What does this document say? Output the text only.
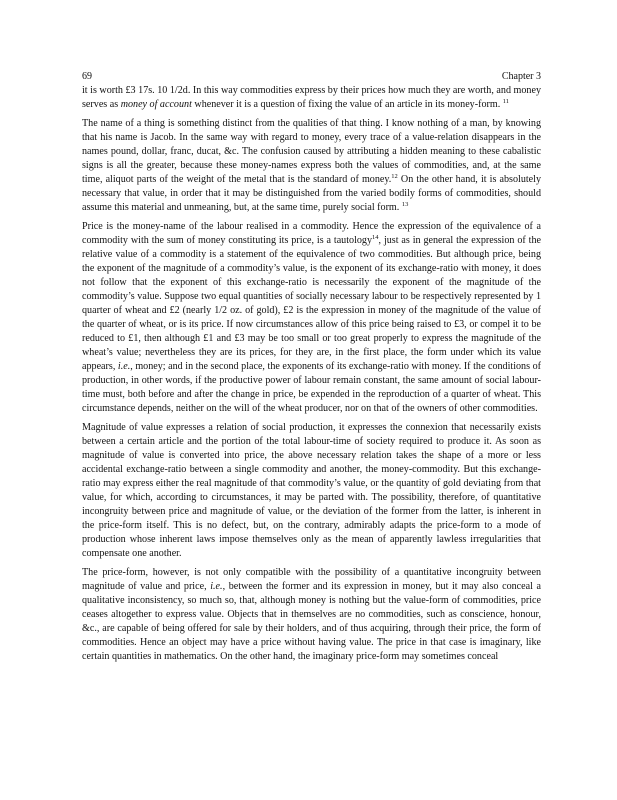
69	Chapter 3

it is worth £3 17s. 10 1/2d. In this way commodities express by their prices how much they are worth, and money serves as money of account whenever it is a question of fixing the value of an article in its money-form. $^{11}$

The name of a thing is something distinct from the qualities of that thing. I know nothing of a man, by knowing that his name is Jacob. In the same way with regard to money, every trace of a value-relation disappears in the names pound, dollar, franc, ducat, &c. The confusion caused by attributing a hidden meaning to these cabalistic signs is all the greater, because these money-names express both the values of commodities, and, at the same time, aliquot parts of the weight of the metal that is the standard of money.$^{12}$ On the other hand, it is absolutely necessary that value, in order that it may be distinguished from the varied bodily forms of commodities, should assume this material and unmeaning, but, at the same time, purely social form. $^{13}$

Price is the money-name of the labour realised in a commodity. Hence the expression of the equivalence of a commodity with the sum of money constituting its price, is a tautology$^{14}$, just as in general the expression of the relative value of a commodity is a statement of the equivalence of two commodities. But although price, being the exponent of the magnitude of a commodity’s value, is the exponent of its exchange-ratio with money, it does not follow that the exponent of this exchange-ratio is necessarily the exponent of the magnitude of the commodity’s value. Suppose two equal quantities of socially necessary labour to be respectively represented by 1 quarter of wheat and £2 (nearly 1/2 oz. of gold), £2 is the expression in money of the magnitude of the value of the quarter of wheat, or is its price. If now circumstances allow of this price being raised to £3, or compel it to be reduced to £1, then although £1 and £3 may be too small or too great properly to express the magnitude of the wheat’s value; nevertheless they are its prices, for they are, in the first place, the form under which its value appears, i.e., money; and in the second place, the exponents of its exchange-ratio with money. If the conditions of production, in other words, if the productive power of labour remain constant, the same amount of social labour-time must, both before and after the change in price, be expended in the reproduction of a quarter of wheat. This circumstance depends, neither on the will of the wheat producer, nor on that of the owners of other commodities.

Magnitude of value expresses a relation of social production, it expresses the connexion that necessarily exists between a certain article and the portion of the total labour-time of society required to produce it. As soon as magnitude of value is converted into price, the above necessary relation takes the shape of a more or less accidental exchange-ratio between a single commodity and another, the money-commodity. But this exchange-ratio may express either the real magnitude of that commodity’s value, or the quantity of gold deviating from that value, for which, according to circumstances, it may be parted with. The possibility, therefore, of quantitative incongruity between price and magnitude of value, or the deviation of the former from the latter, is inherent in the price-form itself. This is no defect, but, on the contrary, admirably adapts the price-form to a mode of production whose inherent laws impose themselves only as the mean of apparently lawless irregularities that compensate one another.

The price-form, however, is not only compatible with the possibility of a quantitative incongruity between magnitude of value and price, i.e., between the former and its expression in money, but it may also conceal a qualitative inconsistency, so much so, that, although money is nothing but the value-form of commodities, price ceases altogether to express value. Objects that in themselves are no commodities, such as conscience, honour, &c., are capable of being offered for sale by their holders, and of thus acquiring, through their price, the form of commodities. Hence an object may have a price without having value. The price in that case is imaginary, like certain quantities in mathematics. On the other hand, the imaginary price-form may sometimes conceal
